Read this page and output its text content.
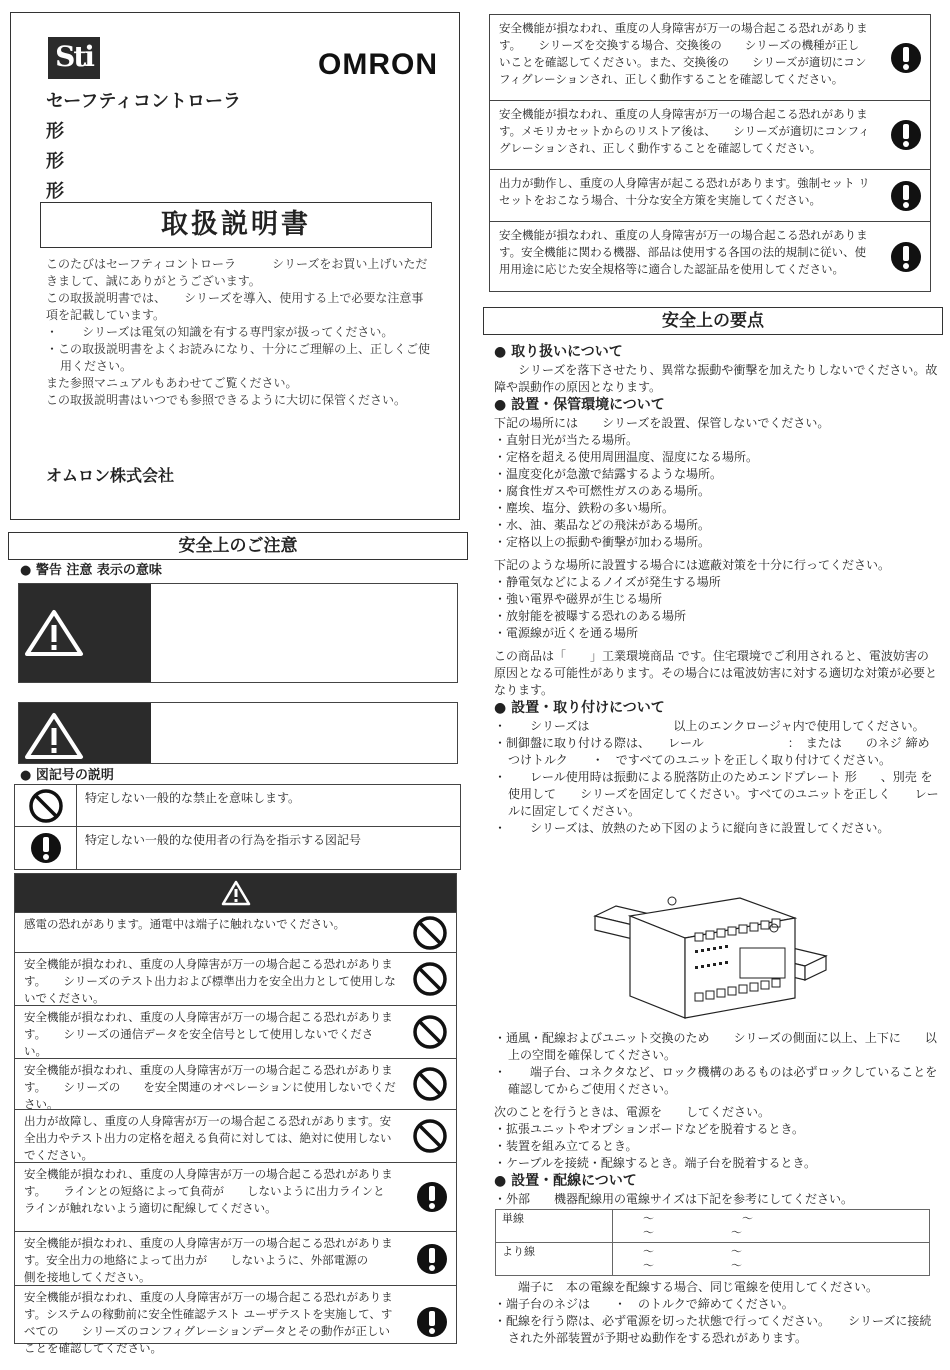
Sti	OMRON
セーフティコントローラ
形
形
形
取扱説明書

このたびはセーフティコントローラ　　　シリーズをお買い上げいただきまして、誠にありがとうございます。

この取扱説明書では、　　シリーズを導入、使用する上で必要な注意事項を記載しています。

・　　シリーズは電気の知識を有する専門家が扱ってください。

・この取扱説明書をよくお読みになり、十分にご理解の上、正しくご使用ください。

また参照マニュアルもあわせてご覧ください。

この取扱説明書はいつでも参照できるように大切に保管ください。

オムロン株式会社
安全上のご注意
● 警告 注意 表示の意味
● 図記号の説明
特定しない一般的な禁止を意味します。
特定しない一般的な使用者の行為を指示する図記号
感電の恐れがあります。通電中は端子に触れないでください。
安全機能が損なわれ、重度の人身障害が万一の場合起こる恐れがあります。　　シリーズのテスト出力および標準出力を安全出力として使用しないでください。
安全機能が損なわれ、重度の人身障害が万一の場合起こる恐れがあります。　　シリーズの通信データを安全信号として使用しないでください。
安全機能が損なわれ、重度の人身障害が万一の場合起こる恐れがあります。　　シリーズの　　を安全関連のオペレーションに使用しないでください。
出力が故障し、重度の人身障害が万一の場合起こる恐れがあります。安全出力やテスト出力の定格を超える負荷に対しては、絶対に使用しないでください。
安全機能が損なわれ、重度の人身障害が万一の場合起こる恐れがあります。　　ラインとの短絡によって負荷が　　しないように出力ラインと　　ラインが触れないよう適切に配線してください。
安全機能が損なわれ、重度の人身障害が万一の場合起こる恐れがあります。安全出力の地絡によって出力が　　しないように、外部電源の　　側を接地してください。
安全機能が損なわれ、重度の人身障害が万一の場合起こる恐れがあります。システムの稼動前に安全性確認テスト ユーザテストを実施して、すべての　　シリーズのコンフィグレーションデータとその動作が正しいことを確認してください。
安全機能が損なわれ、重度の人身障害が万一の場合起こる恐れがあります。　　シリーズを交換する場合、交換後の　　シリーズの機種が正しいことを確認してください。また、交換後の　　シリーズが適切にコンフィグレーションされ、正しく動作することを確認してください。
安全機能が損なわれ、重度の人身障害が万一の場合起こる恐れがあります。メモリカセットからのリストア後は、　　シリーズが適切にコンフィグレーションされ、正しく動作することを確認してください。
出力が動作し、重度の人身障害が起こる恐れがあります。強制セット リセットをおこなう場合、十分な安全方策を実施してください。
安全機能が損なわれ、重度の人身障害が万一の場合起こる恐れがあります。安全機能に関わる機器、部品は使用する各国の法的規制に従い、使用用途に応じた安全規格等に適合した認証品を使用してください。
安全上の要点
● 取り扱いについて

　　シリーズを落下させたり、異常な振動や衝撃を加えたりしないでください。故障や誤動作の原因となります。

● 設置・保管環境について

下記の場所には　　シリーズを設置、保管しないでください。

・直射日光が当たる場所。

・定格を超える使用周囲温度、湿度になる場所。

・温度変化が急激で結露するような場所。

・腐食性ガスや可燃性ガスのある場所。

・塵埃、塩分、鉄粉の多い場所。

・水、油、薬品などの飛沫がある場所。

・定格以上の振動や衝撃が加わる場所。

下記のような場所に設置する場合には遮蔽対策を十分に行ってください。

・静電気などによるノイズが発生する場所

・強い電界や磁界が生じる場所

・放射能を被曝する恐れのある場所

・電源線が近くを通る場所

この商品は「　　」工業環境商品 です。住宅環境でご利用されると、電波妨害の原因となる可能性があります。その場合には電波妨害に対する適切な対策が必要となります。

● 設置・取り付けについて

・　　シリーズは　　　　　　　以上のエンクロージャ内で使用してください。

・制御盤に取り付ける際は、　　レール　　　　　　　：　または　　のネジ 締めつけトルク　　・　ですべてのユニットを正しく取り付けてください。

・　　レール使用時は振動による脱落防止のためエンドプレート 形　　、別売 を使用して　　シリーズを固定してください。すべてのユニットを正しく　　レールに固定してください。

・　　シリーズは、放熱のため下図のように縦向きに設置してください。

・通風・配線およびユニット交換のため　　シリーズの側面に以上、上下に　　以上の空間を確保してください。

・　　端子台、コネクタなど、ロック機構のあるものは必ずロックしていることを確認してからご使用ください。

次のことを行うときは、電源を　　してください。

・拡張ユニットやオプションボードなどを脱着するとき。

・装置を組み立てるとき。

・ケーブルを接続・配線するとき。端子台を脱着するとき。

● 設置・配線について

・外部　　機器配線用の電線サイズは下記を参考にしてください。

単線	～　　　　　　　　～
～　　　　　　　～

より線	～　　　　　　　～
～　　　　　　　～

　　端子に　本の電線を配線する場合、同じ電線を使用してください。

・端子台のネジは　　・　のトルクで締めてください。

・配線を行う際は、必ず電源を切った状態で行ってください。　　シリーズに接続された外部装置が予期せぬ動作をする恐れがあります。
